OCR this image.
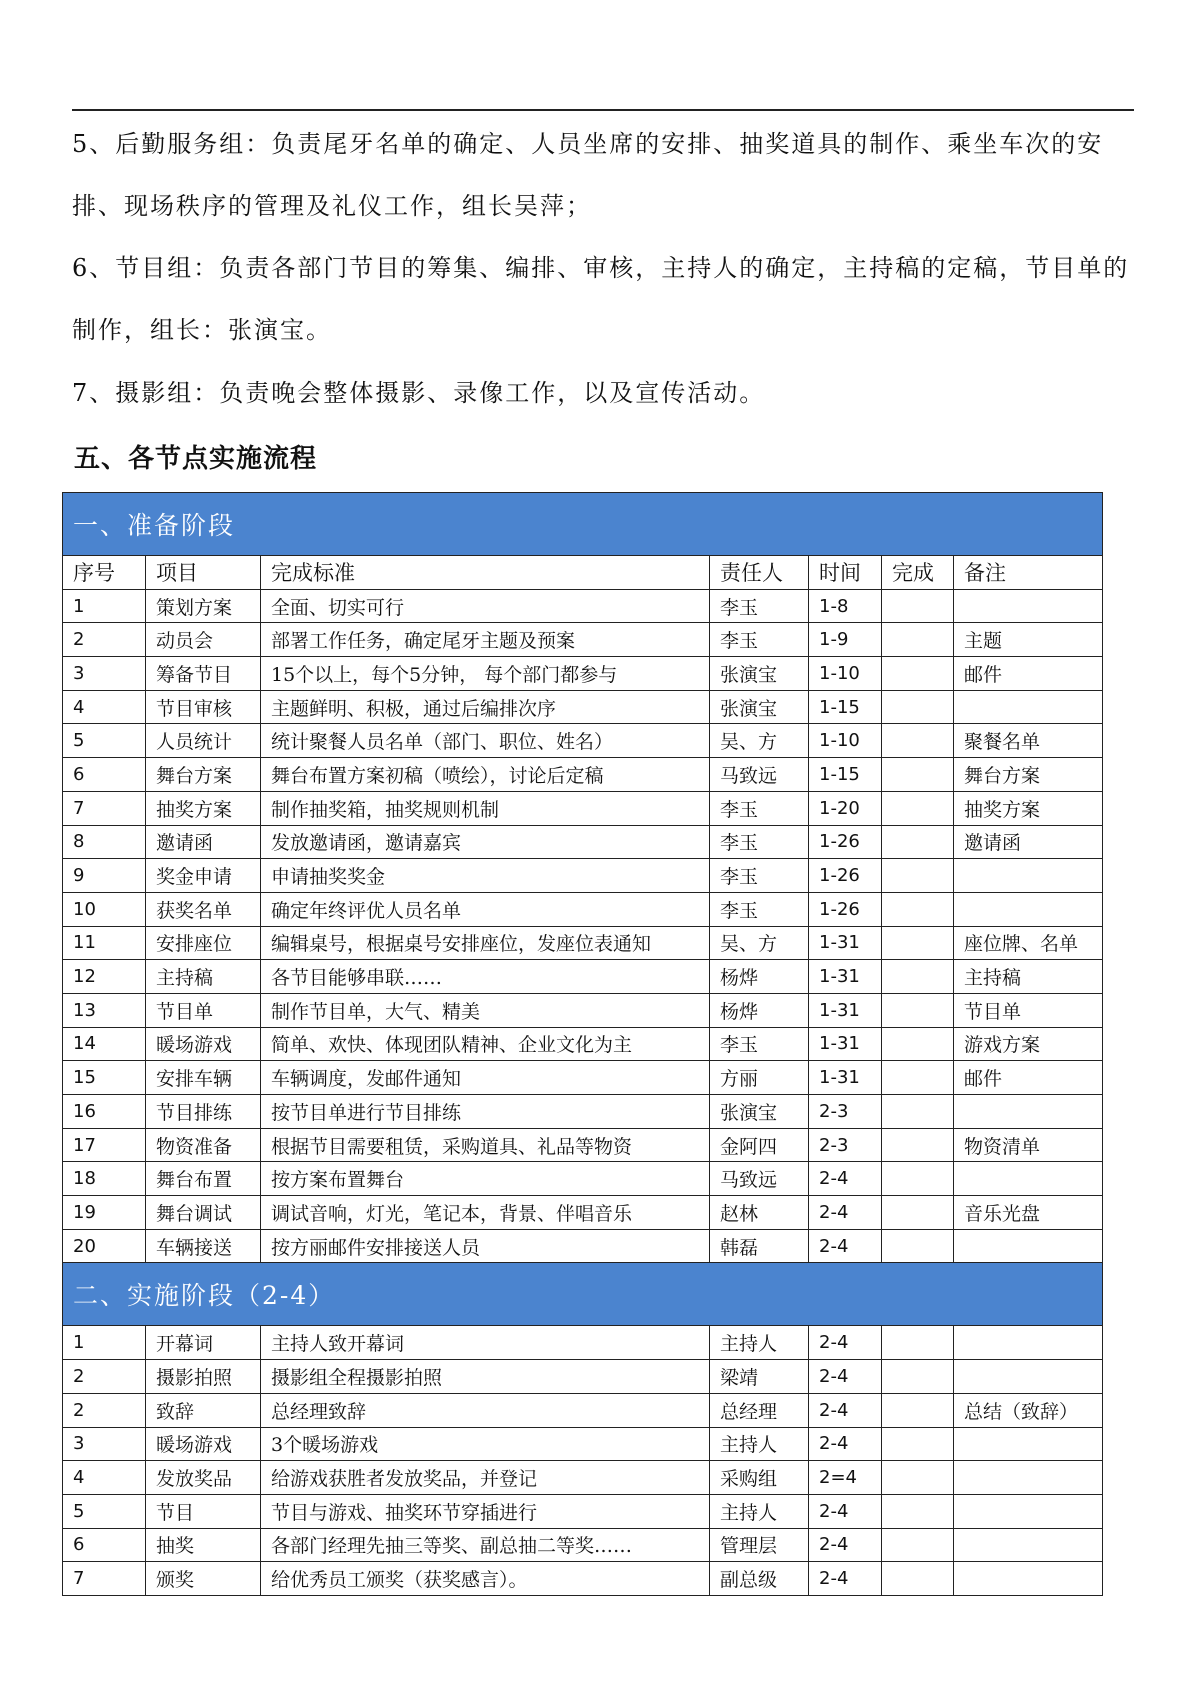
5、后勤服务组：负责尾牙名单的确定、人员坐席的安排、抽奖道具的制作、乘坐车次的安排、现场秩序的管理及礼仪工作，组长吴萍；

6、节目组：负责各部门节目的筹集、编排、审核，主持人的确定，主持稿的定稿，节目单的制作，组长：张演宝。

7、摄影组：负责晚会整体摄影、录像工作，以及宣传活动。

五、各节点实施流程
一、准备阶段						
序号	项目	完成标准	责任人	时间	完成	备注
1	策划方案	全面、切实可行	李玉	1-8		
2	动员会	部署工作任务，确定尾牙主题及预案	李玉	1-9		主题
3	筹备节目	15个以上，每个5分钟， 每个部门都参与	张演宝	1-10		邮件
4	节目审核	主题鲜明、积极，通过后编排次序	张演宝	1-15		
5	人员统计	统计聚餐人员名单（部门、职位、姓名）	吴、方	1-10		聚餐名单
6	舞台方案	舞台布置方案初稿（喷绘），讨论后定稿	马致远	1-15		舞台方案
7	抽奖方案	制作抽奖箱，抽奖规则机制	李玉	1-20		抽奖方案
8	邀请函	发放邀请函，邀请嘉宾	李玉	1-26		邀请函
9	奖金申请	申请抽奖奖金	李玉	1-26		
10	获奖名单	确定年终评优人员名单	李玉	1-26		
11	安排座位	编辑桌号，根据桌号安排座位，发座位表通知	吴、方	1-31		座位牌、名单
12	主持稿	各节目能够串联……	杨烨	1-31		主持稿
13	节目单	制作节目单，大气、精美	杨烨	1-31		节目单
14	暖场游戏	简单、欢快、体现团队精神、企业文化为主	李玉	1-31		游戏方案
15	安排车辆	车辆调度，发邮件通知	方丽	1-31		邮件
16	节目排练	按节目单进行节目排练	张演宝	2-3		
17	物资准备	根据节目需要租赁，采购道具、礼品等物资	金阿四	2-3		物资清单
18	舞台布置	按方案布置舞台	马致远	2-4		
19	舞台调试	调试音响，灯光，笔记本，背景、伴唱音乐	赵林	2-4		音乐光盘
20	车辆接送	按方丽邮件安排接送人员	韩磊	2-4		
二、实施阶段（2-4）						
1	开幕词	主持人致开幕词	主持人	2-4		
2	摄影拍照	摄影组全程摄影拍照	梁靖	2-4		
2	致辞	总经理致辞	总经理	2-4		总结（致辞）
3	暖场游戏	3个暖场游戏	主持人	2-4		
4	发放奖品	给游戏获胜者发放奖品，并登记	采购组	2=4		
5	节目	节目与游戏、抽奖环节穿插进行	主持人	2-4		
6	抽奖	各部门经理先抽三等奖、副总抽二等奖……	管理层	2-4		
7	颁奖	给优秀员工颁奖（获奖感言）。	副总级	2-4		
